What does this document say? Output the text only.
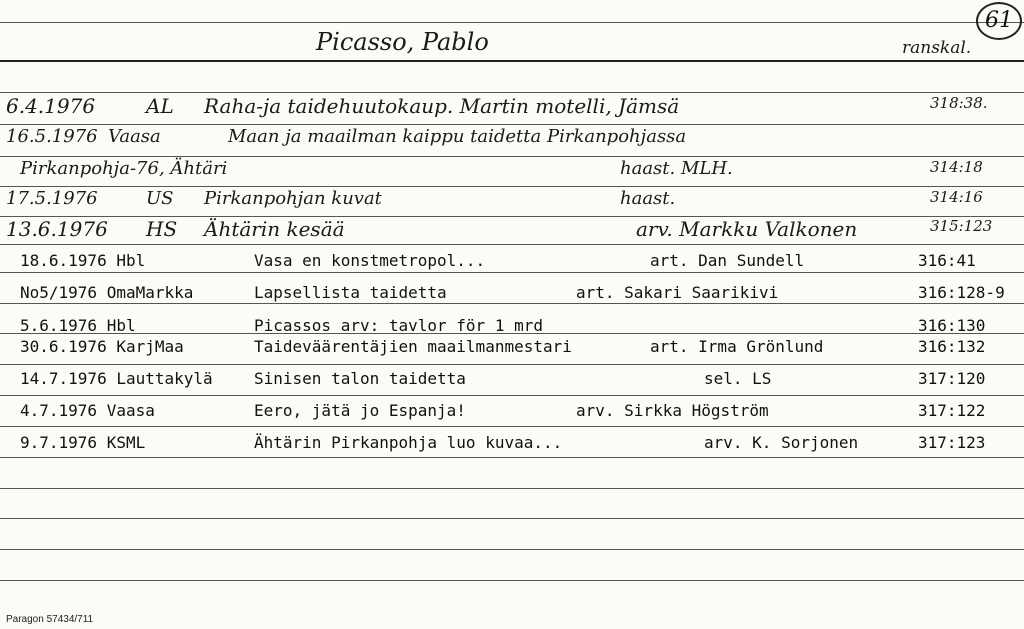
Picasso, Pablo	ranskal.
61
6.4.1976	AL Raha-ja taidehuutokaup. Martin motelli, Jämsä	318:38.
16.5.1976 Vaasa	Maan ja maailman kaippu taidetta Pirkanpohjassa
Pirkanpohja-76, Ähtäri	haast. MLH.	314:18
17.5.1976	US Pirkanpohjan kuvat	haast.	314:16
13.6.1976 HS Ähtärin kesää	arv. Markku Valkonen	315:123
18.6.1976 Hbl	Vasa en konstmetropol...	art. Dan Sundell	316:41
No5/1976 OmaMarkka	Lapsellista taidetta	art. Sakari Saarikivi	316:128-9
5.6.1976 Hbl	Picassos arv: tavlor för 1 mrd	316:130
30.6.1976 KarjMaa	Taideväärentäjien maailmanmestari	art. Irma Grönlund	316:132
14.7.1976 Lauttakylä	Sinisen talon taidetta	sel. LS	317:120
4.7.1976 Vaasa	Eero, jätä jo Espanja!	arv. Sirkka Högström	317:122
9.7.1976 KSML	Ähtärin Pirkanpohja luo kuvaa...	arv. K. Sorjonen	317:123
Paragon 57434/711
